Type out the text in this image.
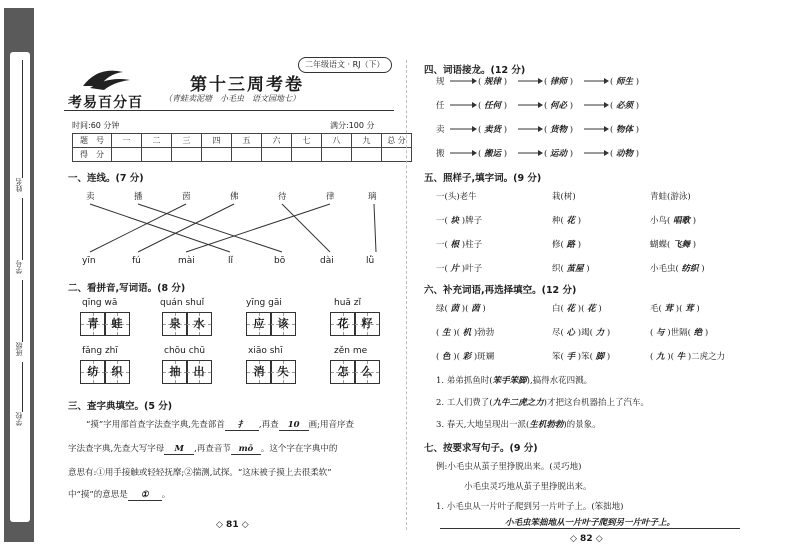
姓名
学号
班级
学校
考易百分百
考易百分百
第十三周考卷
二年级语文 · RJ（下）
（青蛙卖泥塘　小毛虫　语文园地七）
时间:60 分钟	满分:100 分
题　号	一	二	三	四	五	六	七	八	九	总 分
得　分										
一、连线。(7 分)
卖	播	茵	佛	待	律	璃
yīn	fú	mài	lǐ	bō	dài	lǜ
二、看拼音,写词语。(8 分)
qīng wā
青	蛙
quán shuǐ
泉	水
yīng gāi
应	该
huā zǐ
花	籽
fǎng zhī
纺	织
chōu chū
抽	出
xiāo shī
消	失
zěn me
怎	么
三、查字典填空。(5 分)
“摸”字用部首查字法查字典,先查部首 扌 ,再查 10 画;用音序查
字法查字典,先查大写字母 M ,再查音节 mō 。这个字在字典中的
意思有:①用手接触或轻轻抚摩;②揣测,试探。“这床被子摸上去很柔软”
中“摸”的意思是 ① 。
◇ 81 ◇
四、词语接龙。(12 分)
规	( 规律 )	( 律师 )	( 师生 )
任	( 任何 )	( 何必 )	( 必须 )
卖	( 卖货 )	( 货物 )	( 物体 )
搬	( 搬运 )	( 运动 )	( 动物 )
五、照样子,填字词。(9 分)
一(头)老牛	栽(树)	青蛙(游泳)
一( 块 )牌子	种( 花 )	小鸟( 唱歌 )
一( 根 )柱子	修( 路 )	蝴蝶( 飞舞 )
一( 片 )叶子	织( 茧屋 )	小毛虫( 纺织 )
六、补充词语,再选择填空。(12 分)
绿( 茵 )( 茵 )	白( 花 )( 花 )	毛( 茸 )( 茸 )
( 生 )( 机 )勃勃	尽( 心 )竭( 力 )	( 与 )世隔( 绝 )
( 色 )( 彩 )斑斓	笨( 手 )笨( 脚 )	( 九 )( 牛 )二虎之力
1. 弟弟抓鱼时(笨手笨脚),搞得水花四溅。
2. 工人们费了(九牛二虎之力)才把这台机器抬上了汽车。
3. 春天,大地呈现出一派(生机勃勃)的景象。
七、按要求写句子。(9 分)
例:小毛虫从茧子里挣脱出来。(灵巧地)
小毛虫灵巧地从茧子里挣脱出来。
1. 小毛虫从一片叶子爬到另一片叶子上。(笨拙地)
小毛虫笨拙地从一片叶子爬到另一片叶子上。
◇ 82 ◇
